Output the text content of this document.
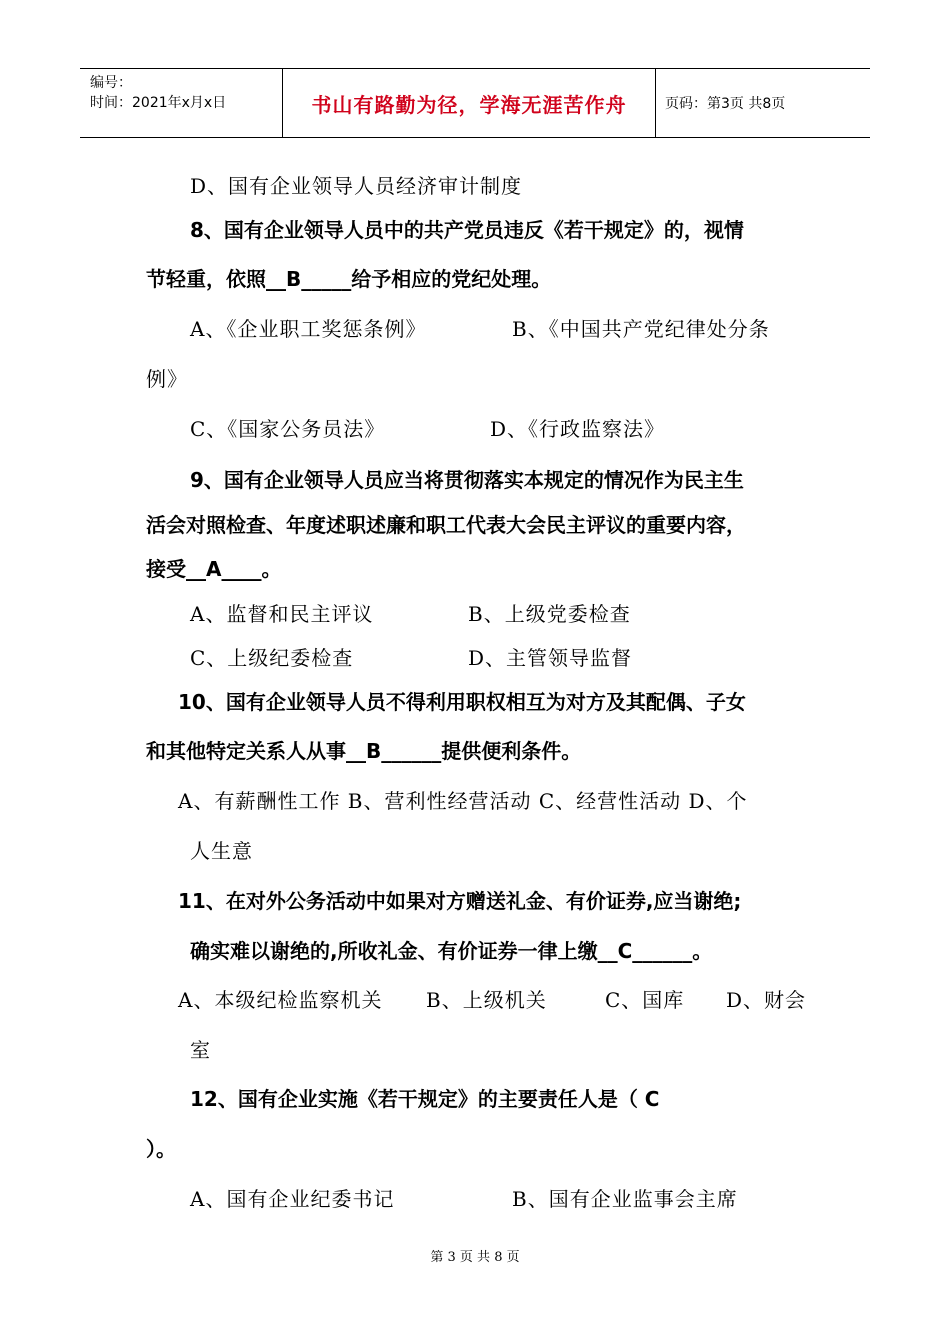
编号：
时间：2021年x月x日	书山有路勤为径，学海无涯苦作舟	页码：第3页 共8页
D、国有企业领导人员经济审计制度
8、国有企业领导人员中的共产党员违反《若干规定》的，视情
节轻重，依照__B_____给予相应的党纪处理。
A、《企业职工奖惩条例》	B、《中国共产党纪律处分条
例》
C、《国家公务员法》	D、《行政监察法》
9、国有企业领导人员应当将贯彻落实本规定的情况作为民主生
活会对照检查、年度述职述廉和职工代表大会民主评议的重要内容，
接受__A____。
A、监督和民主评议	B、上级党委检查
C、上级纪委检查	D、主管领导监督
10、国有企业领导人员不得利用职权相互为对方及其配偶、子女
和其他特定关系人从事__B______提供便利条件。
A、有薪酬性工作 B、营利性经营活动 C、经营性活动 D、个
人生意
11、在对外公务活动中如果对方赠送礼金、有价证券,应当谢绝;
确实难以谢绝的,所收礼金、有价证券一律上缴__C______。
A、本级纪检监察机关 B、上级机关	C、国库 D、财会
室
12、国有企业实施《若干规定》的主要责任人是（ C
）。
A、国有企业纪委书记	B、国有企业监事会主席
第 3 页 共 8 页
